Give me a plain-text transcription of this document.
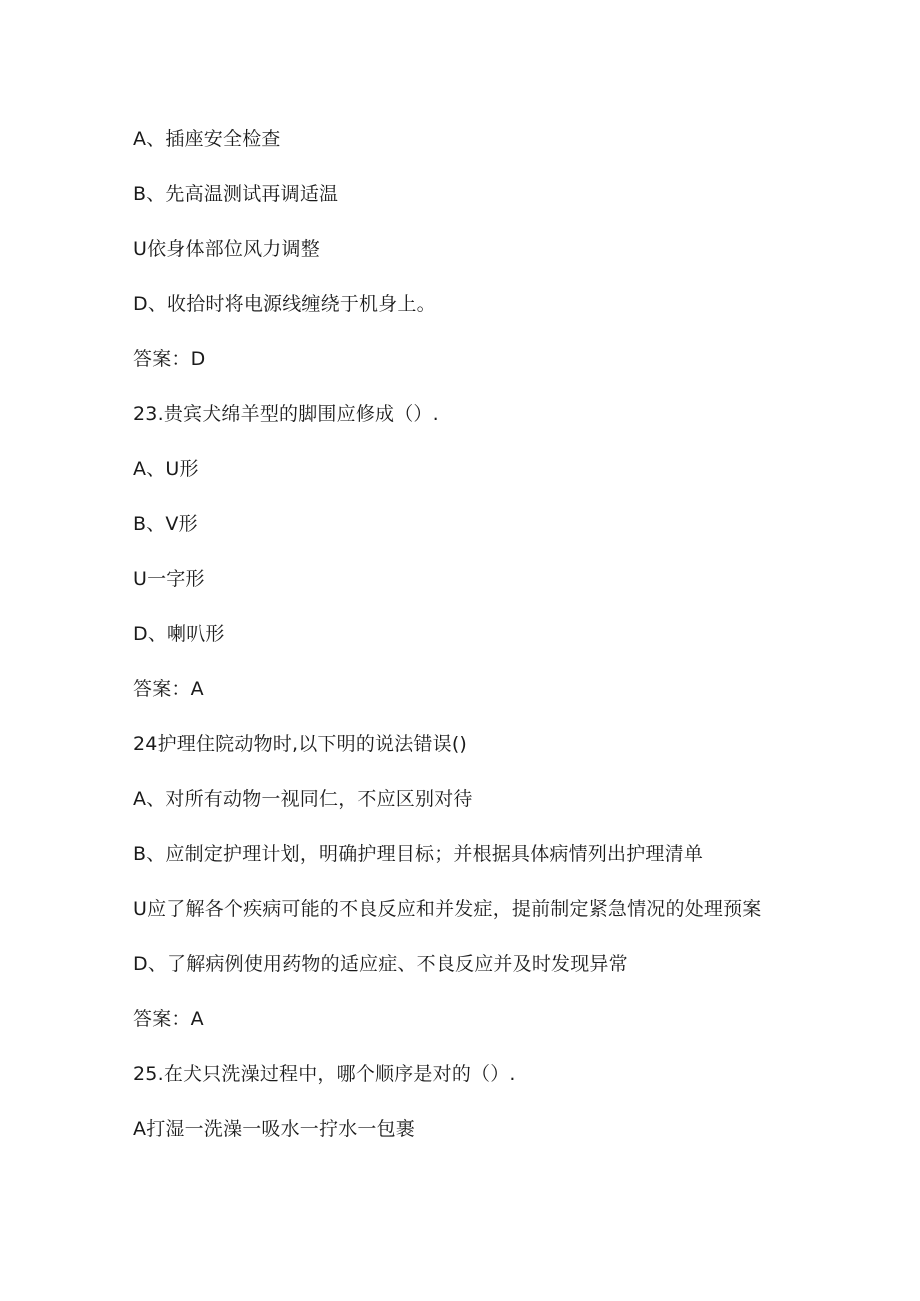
A、插座安全检查
B、先高温测试再调适温
U依身体部位风力调整
D、收拾时将电源线缠绕于机身上。
答案：D
23.贵宾犬绵羊型的脚围应修成（）.
A、U形
B、V形
U一字形
D、喇叭形
答案：A
24护理住院动物时,以下明的说法错误()
A、对所有动物一视同仁，不应区别对待
B、应制定护理计划，明确护理目标；并根据具体病情列出护理清单
U应了解各个疾病可能的不良反应和并发症，提前制定紧急情况的处理预案
D、了解病例使用药物的适应症、不良反应并及时发现异常
答案：A
25.在犬只洗澡过程中，哪个顺序是对的（）.
A打湿一洗澡一吸水一拧水一包裹
